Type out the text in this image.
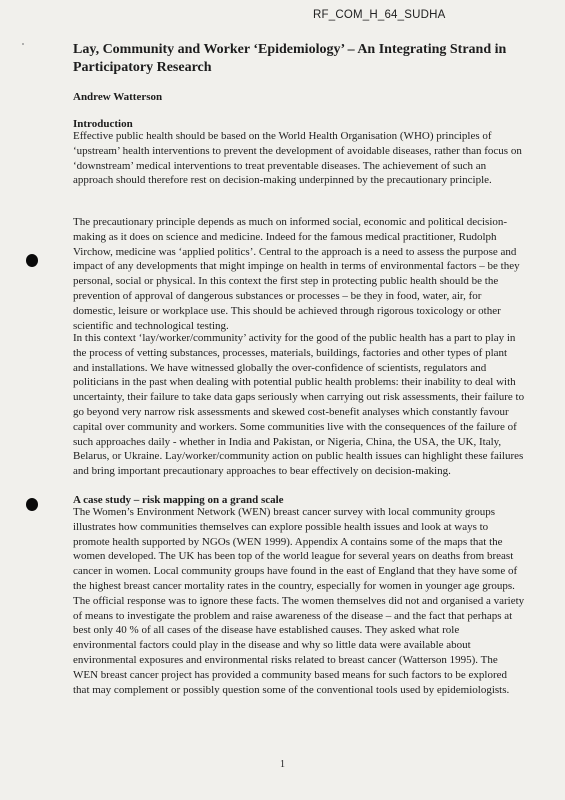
RF_COM_H_64_SUDHA
Lay, Community and Worker ‘Epidemiology’ – An Integrating Strand in Participatory Research
Andrew Watterson
Introduction

Effective public health should be based on the World Health Organisation (WHO) principles of ‘upstream’ health interventions to prevent the development of avoidable diseases, rather than focus on ‘downstream’ medical interventions to treat preventable diseases. The achievement of such an approach should therefore rest on decision-making underpinned by the precautionary principle.

The precautionary principle depends as much on informed social, economic and political decision-making as it does on science and medicine. Indeed for the famous medical practitioner, Rudolph Virchow, medicine was ‘applied politics’. Central to the approach is a need to assess the purpose and impact of any developments that might impinge on health in terms of environmental factors – be they personal, social or physical. In this context the first step in protecting public health should be the prevention of approval of dangerous substances or processes – be they in food, water, air, for domestic, leisure or workplace use. This should be achieved through rigorous toxicology or other scientific and technological testing.

In this context ‘lay/worker/community’ activity for the good of the public health has a part to play in the process of vetting substances, processes, materials, buildings, factories and other types of plant and installations. We have witnessed globally the over-confidence of scientists, regulators and politicians in the past when dealing with potential public health problems: their inability to deal with uncertainty, their failure to take data gaps seriously when carrying out risk assessments, their failure to go beyond very narrow risk assessments and skewed cost-benefit analyses which constantly favour capital over community and workers. Some communities live with the consequences of the failure of such approaches daily - whether in India and Pakistan, or Nigeria, China, the USA, the UK, Italy, Belarus, or Ukraine. Lay/worker/community action on public health issues can highlight these failures and bring important precautionary approaches to bear effectively on decision-making.

A case study – risk mapping on a grand scale

The Women’s Environment Network (WEN) breast cancer survey with local community groups illustrates how communities themselves can explore possible health issues and look at ways to promote health supported by NGOs (WEN 1999). Appendix A contains some of the maps that the women developed. The UK has been top of the world league for several years on deaths from breast cancer in women. Local community groups have found in the east of England that they have some of the highest breast cancer mortality rates in the country, especially for women in younger age groups. The official response was to ignore these facts. The women themselves did not and organised a variety of means to investigate the problem and raise awareness of the disease – and the fact that perhaps at best only 40 % of all cases of the disease have established causes. They asked what role environmental factors could play in the disease and why so little data were available about environmental exposures and environmental risks related to breast cancer (Watterson 1995). The WEN breast cancer project has provided a community based means for such factors to be explored that may complement or possibly question some of the conventional tools used by epidemiologists.

1
